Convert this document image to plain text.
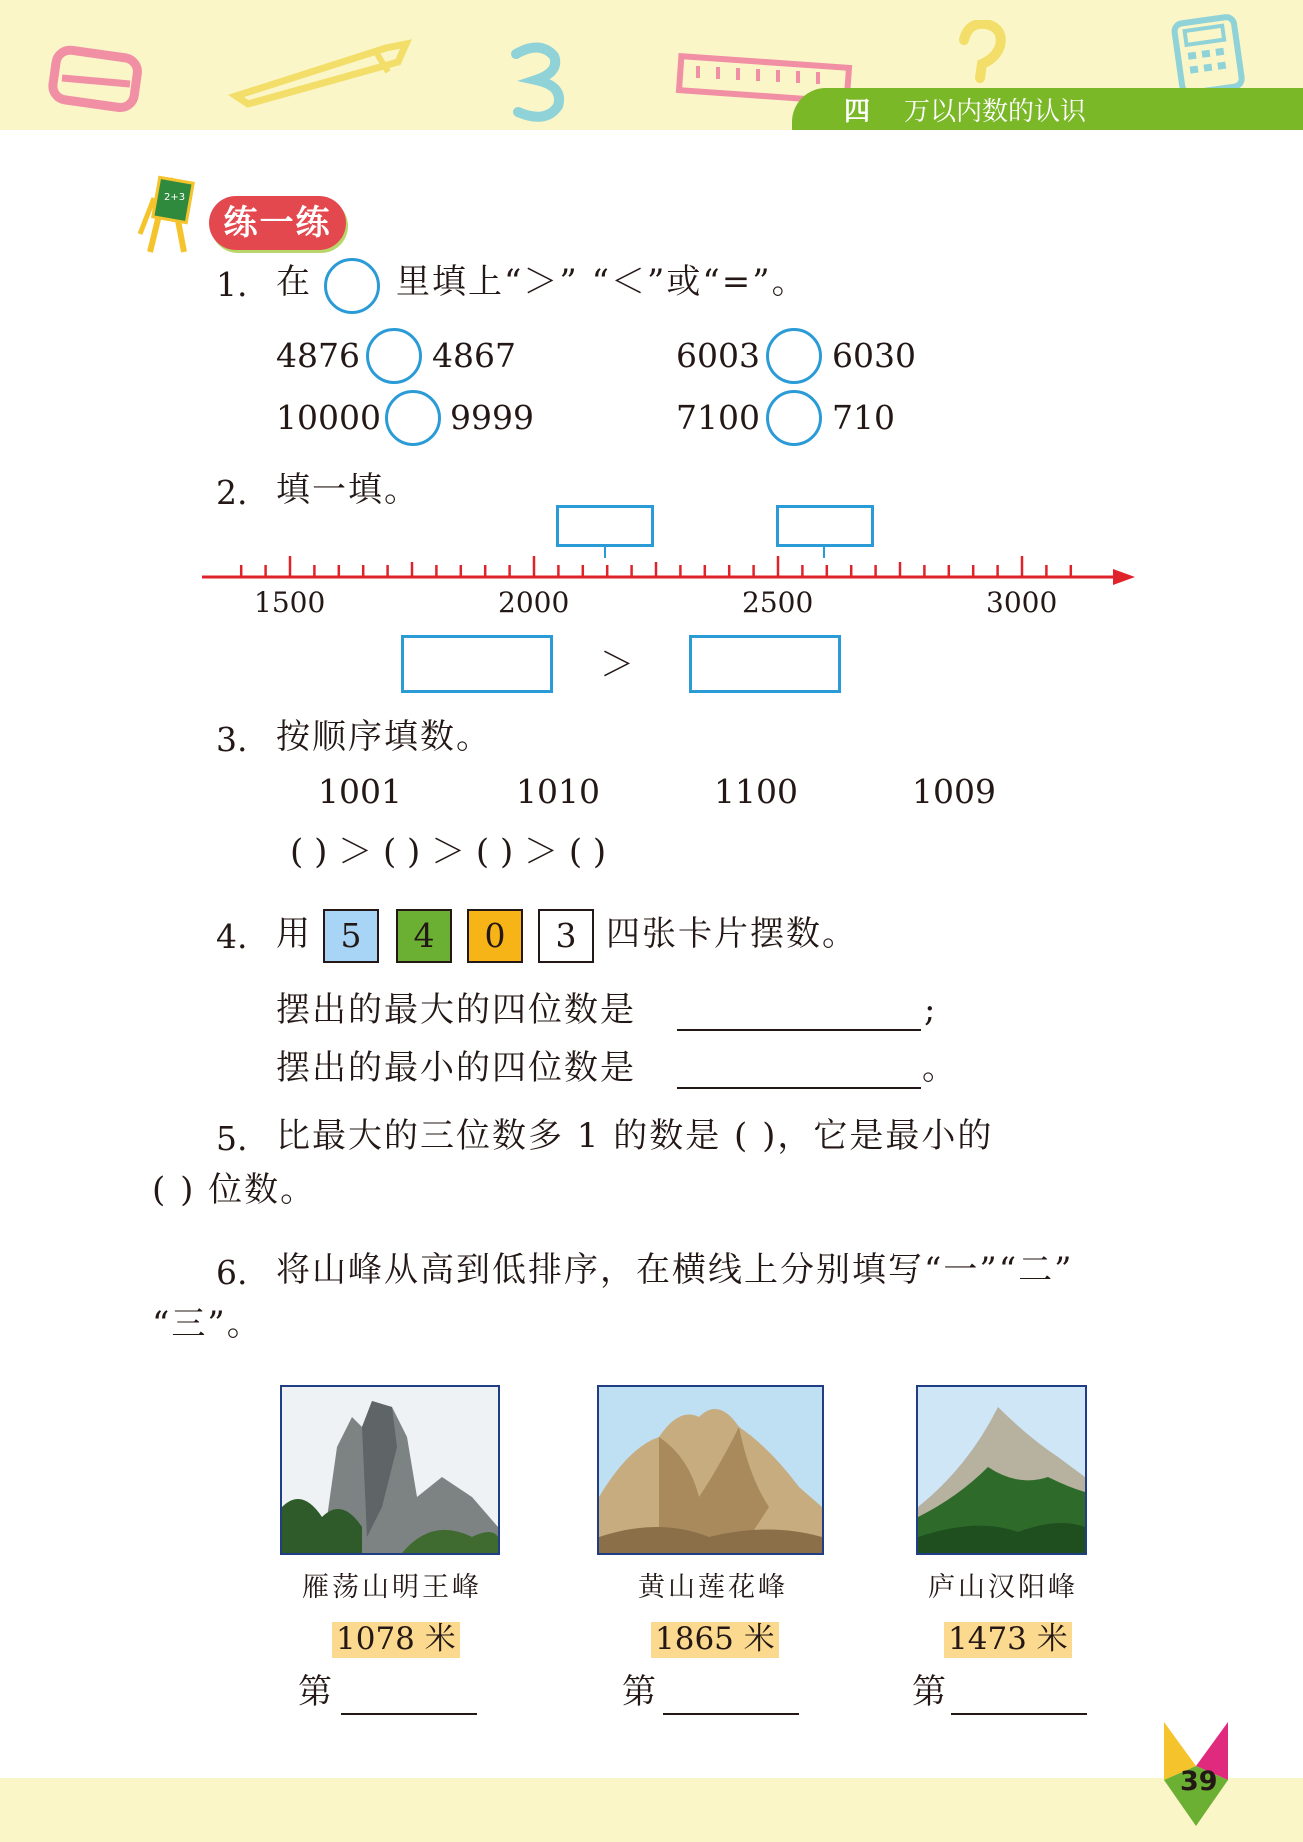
四 万以内数的认识
2+3
练一练
1. 在 里填上“＞” “＜”或“=”。
4876 4867	6003 6030
10000 9999	7100 710
2. 填一填。
1500	2000	2500	3000
＞
3. 按顺序填数。
1001	1010	1100	1009
( ) ＞ ( ) ＞ ( ) ＞ ( )
4. 用 5	4	0	3 四张卡片摆数。
摆出的最大的四位数是	;
摆出的最小的四位数是	。
5. 比最大的三位数多 1 的数是 ( )，它是最小的
( ) 位数。
6. 将山峰从高到低排序，在横线上分别填写“一”“二”
“三”。
雁荡山明王峰	黄山莲花峰	庐山汉阳峰
1078 米	1865 米	1473 米
第	第	第
39
